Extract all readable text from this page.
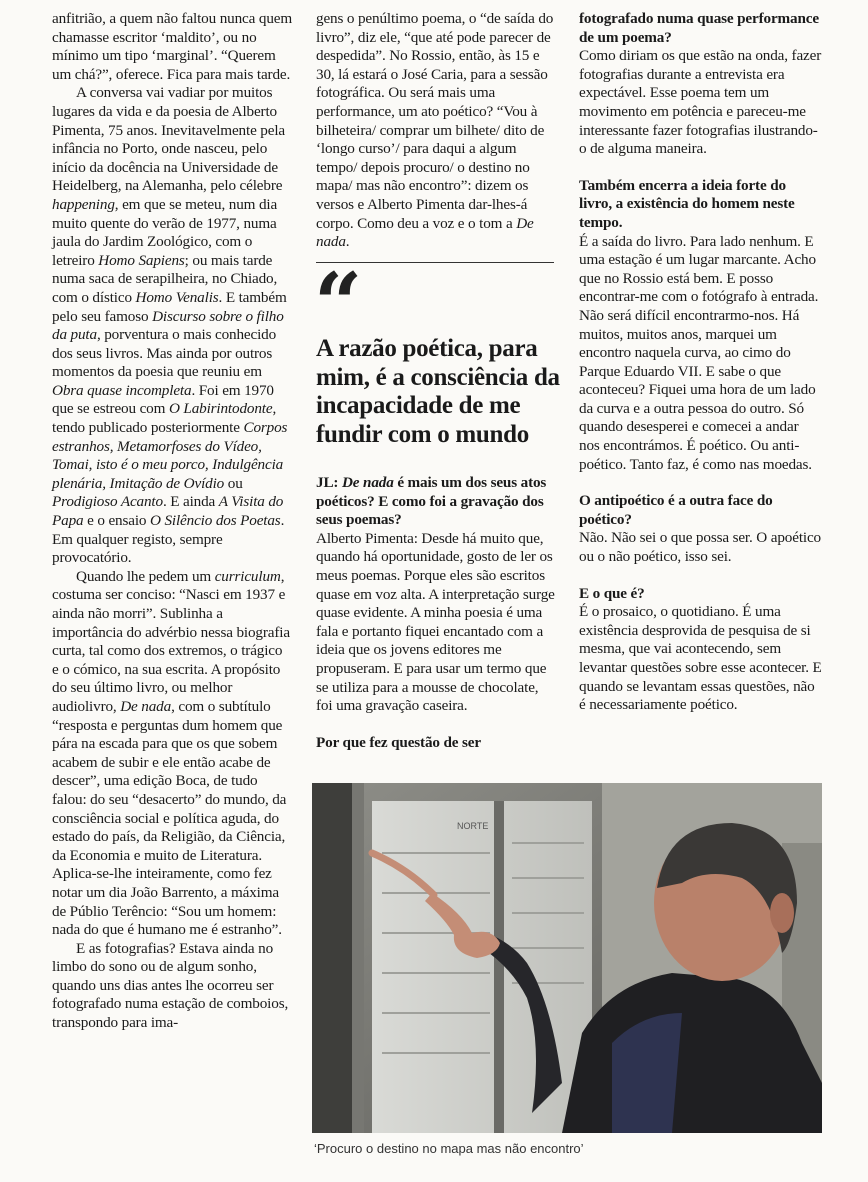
anfitrião, a quem não faltou nunca quem chamasse escritor ‘maldito’, ou no mínimo um tipo ‘marginal’. “Querem um chá?”, oferece. Fica para mais tarde.

A conversa vai vadiar por muitos lugares da vida e da poesia de Alberto Pimenta, 75 anos. Inevitavelmente pela infância no Porto, onde nasceu, pelo início da docência na Universidade de Heidelberg, na Alemanha, pelo célebre happening, em que se meteu, num dia muito quente do verão de 1977, numa jaula do Jardim Zoológico, com o letreiro Homo Sapiens; ou mais tarde numa saca de serapilheira, no Chiado, com o dístico Homo Venalis. E também pelo seu famoso Discurso sobre o filho da puta, porventura o mais conhecido dos seus livros. Mas ainda por outros momentos da poesia que reuniu em Obra quase incompleta. Foi em 1970 que se estreou com O Labirintodonte, tendo publicado posteriormente Corpos estranhos, Metamorfoses do Vídeo, Tomai, isto é o meu porco, Indulgência plenária, Imitação de Ovídio ou Prodigioso Acanto. E ainda A Visita do Papa e o ensaio O Silêncio dos Poetas. Em qualquer registo, sempre provocatório.

Quando lhe pedem um curriculum, costuma ser conciso: “Nasci em 1937 e ainda não morri”. Sublinha a importância do advérbio nessa biografia curta, tal como dos extremos, o trágico e o cómico, na sua escrita. A propósito do seu último livro, ou melhor audiolivro, De nada, com o subtítulo “resposta e perguntas dum homem que pára na escada para que os que sobem acabem de subir e ele então acabe de descer”, uma edição Boca, de tudo falou: do seu “desacerto” do mundo, da consciência social e política aguda, do estado do país, da Religião, da Ciência, da Economia e muito de Literatura. Aplica-se-lhe inteiramente, como fez notar um dia João Barrento, a máxima de Públio Terêncio: “Sou um homem: nada do que é humano me é estranho”.

E as fotografias? Estava ainda no limbo do sono ou de algum sonho, quando uns dias antes lhe ocorreu ser fotografado numa estação de comboios, transpondo para ima-

gens o penúltimo poema, o “de saída do livro”, diz ele, “que até pode parecer de despedida”. No Rossio, então, às 15 e 30, lá estará o José Caria, para a sessão fotográfica. Ou será mais uma performance, um ato poético? “Vou à bilheteira/ comprar um bilhete/ dito de ‘longo curso’/ para daqui a algum tempo/ depois procuro/ o destino no mapa/ mas não encontro”: dizem os versos e Alberto Pimenta dar-lhes-á corpo. Como deu a voz e o tom a De nada.

“

A razão poética, para mim, é a consciência da incapacidade de me fundir com o mundo

JL: De nada é mais um dos seus atos poéticos? E como foi a gravação dos seus poemas?

Alberto Pimenta: Desde há muito que, quando há oportunidade, gosto de ler os meus poemas. Porque eles são escritos quase em voz alta. A interpretação surge quase evidente. A minha poesia é uma fala e portanto fiquei encantado com a ideia que os jovens editores me propuseram. E para usar um termo que se utiliza para a mousse de chocolate, foi uma gravação caseira.

Por que fez questão de ser

fotografado numa quase performance de um poema?

Como diriam os que estão na onda, fazer fotografias durante a entrevista era expectável. Esse poema tem um movimento em potência e pareceu-me interessante fazer fotografias ilustrando-o de alguma maneira.

Também encerra a ideia forte do livro, a existência do homem neste tempo.

É a saída do livro. Para lado nenhum. E uma estação é um lugar marcante. Acho que no Rossio está bem. E posso encontrar-me com o fotógrafo à entrada. Não será difícil encontrarmo-nos. Há muitos, muitos anos, marquei um encontro naquela curva, ao cimo do Parque Eduardo VII. E sabe o que aconteceu? Fiquei uma hora de um lado da curva e a outra pessoa do outro. Só quando desesperei e comecei a andar nos encontrámos. É poético. Ou anti-poético. Tanto faz, é como nas moedas.

O antipoético é a outra face do poético?

Não. Não sei o que possa ser. O apoético ou o não poético, isso sei.

E o que é?

É o prosaico, o quotidiano. É uma existência desprovida de pesquisa de si mesma, que vai acontecendo, sem levantar questões sobre esse acontecer. E quando se levantam essas questões, não é necessariamente poético.

NORTE

‘Procuro o destino no mapa mas não encontro’
